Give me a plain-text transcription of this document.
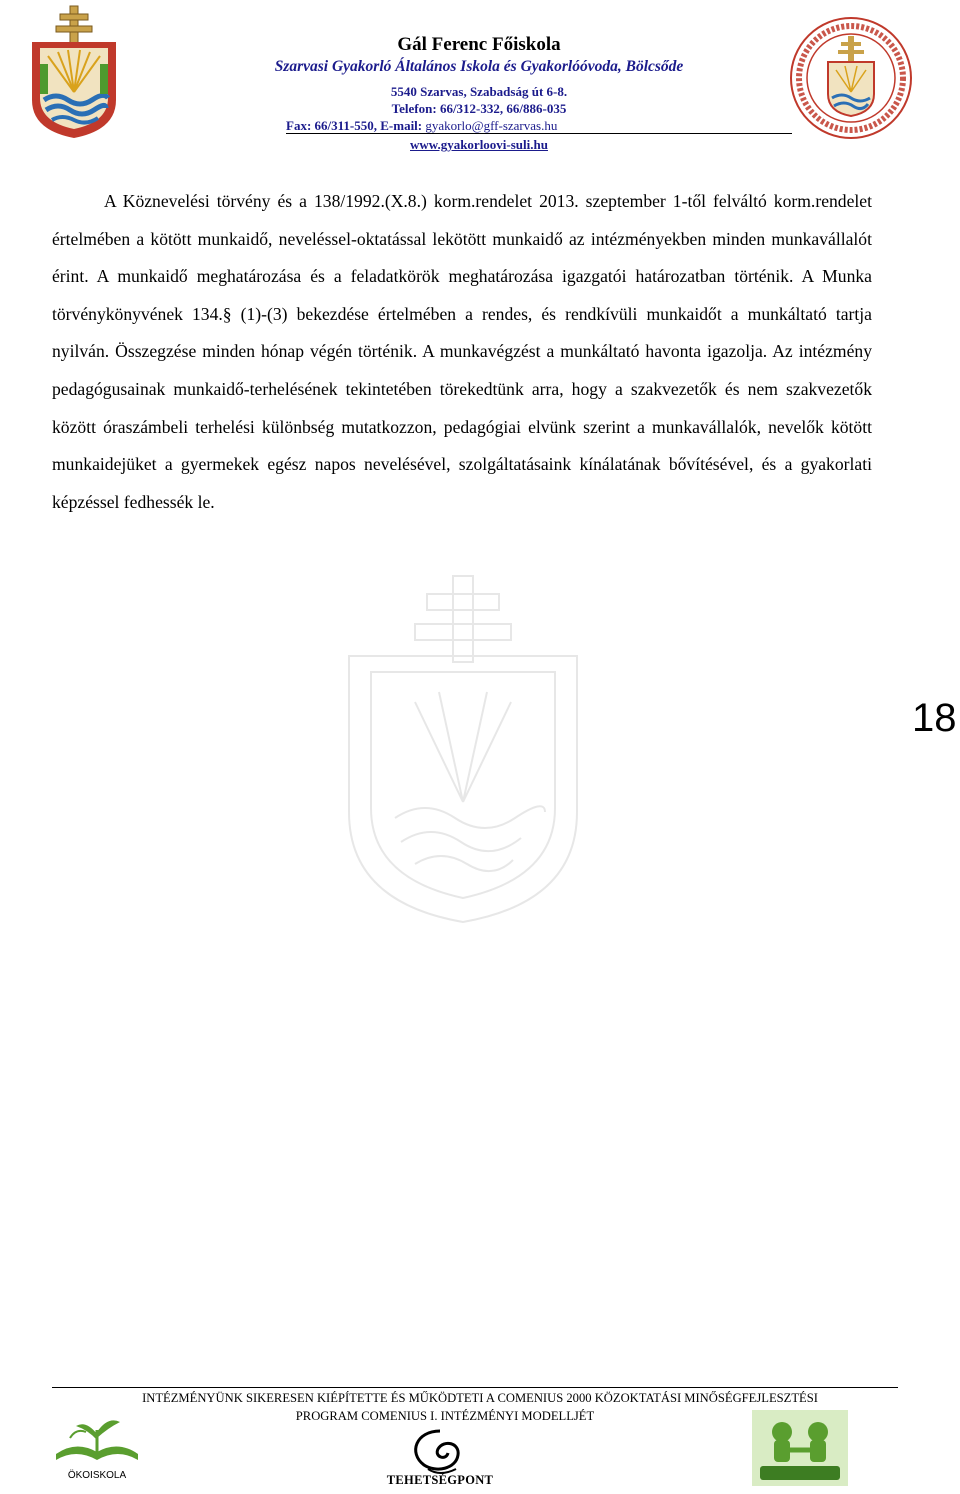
Gál Ferenc Főiskola
Szarvasi Gyakorló Általános Iskola és Gyakorlóóvoda, Bölcsőde
5540 Szarvas, Szabadság út 6-8.
Telefon: 66/312-332, 66/886-035
Fax: 66/311-550, E-mail: gyakorlo@gff-szarvas.hu
www.gyakorloovi-suli.hu

A Köznevelési törvény és a 138/1992.(X.8.) korm.rendelet 2013. szeptember 1-től felváltó korm.rendelet értelmében a kötött munkaidő, neveléssel-oktatással lekötött munkaidő az intézményekben minden munkavállalót érint. A munkaidő meghatározása és a feladatkörök meghatározása igazgatói határozatban történik. A Munka törvénykönyvének 134.§ (1)-(3) bekezdése értelmében a rendes, és rendkívüli munkaidőt a munkáltató tartja nyilván. Összegzése minden hónap végén történik. A munkavégzést a munkáltató havonta igazolja. Az intézmény pedagógusainak munkaidő-terhelésének tekintetében törekedtünk arra, hogy a szakvezetők és nem szakvezetők között óraszámbeli terhelési különbség mutatkozzon, pedagógiai elvünk szerint a munkavállalók, nevelők kötött munkaidejüket a gyermekek egész napos nevelésével, szolgáltatásaink kínálatának bővítésével, és a gyakorlati képzéssel fedhessék le.

18
INTÉZMÉNYÜNK SIKERESEN KIÉPÍTETTE ÉS MŰKÖDTETI A COMENIUS 2000 KÖZOKTATÁSI MINŐSÉGFEJLESZTÉSI
PROGRAM COMENIUS I. INTÉZMÉNYI MODELLJÉT
ÖKOISKOLA	TEHETSÉGPONT
